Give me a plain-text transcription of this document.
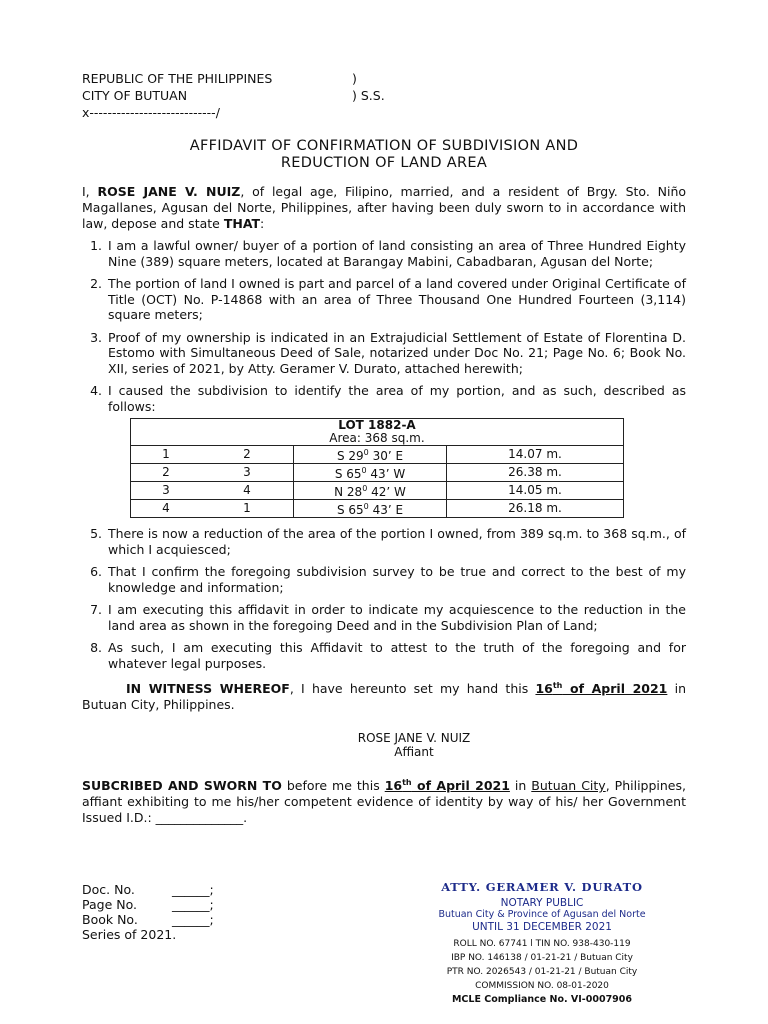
REPUBLIC OF THE PHILIPPINES	)
CITY OF BUTUAN	) S.S.
x----------------------------/
AFFIDAVIT OF CONFIRMATION OF SUBDIVISION AND
REDUCTION OF LAND AREA
I, ROSE JANE V. NUIZ, of legal age, Filipino, married, and a resident of Brgy. Sto. Niño Magallanes, Agusan del Norte, Philippines, after having been duly sworn to in accordance with law, depose and state THAT:
1. I am a lawful owner/ buyer of a portion of land consisting an area of Three Hundred Eighty Nine (389) square meters, located at Barangay Mabini, Cabadbaran, Agusan del Norte;
2. The portion of land I owned is part and parcel of a land covered under Original Certificate of Title (OCT) No. P-14868 with an area of Three Thousand One Hundred Fourteen (3,114) square meters;
3. Proof of my ownership is indicated in an Extrajudicial Settlement of Estate of Florentina D. Estomo with Simultaneous Deed of Sale, notarized under Doc No. 21; Page No. 6; Book No. XII, series of 2021, by Atty. Geramer V. Durato, attached herewith;
4. I caused the subdivision to identify the area of my portion, and as such, described as follows:
LOT 1882-A			
Area: 368 sq.m.			
1	2	S $29^0$ 30’ E	14.07 m.
2	3	S $65^0$ 43’ W	26.38 m.
3	4	N $28^0$ 42’ W	14.05 m.
4	1	S $65^0$ 43’ E	26.18 m.
5. There is now a reduction of the area of the portion I owned, from 389 sq.m. to 368 sq.m., of which I acquiesced;
6. That I confirm the foregoing subdivision survey to be true and correct to the best of my knowledge and information;
7. I am executing this affidavit in order to indicate my acquiescence to the reduction in the land area as shown in the foregoing Deed and in the Subdivision Plan of Land;
8. As such, I am executing this Affidavit to attest to the truth of the foregoing and for whatever legal purposes.
IN WITNESS WHEREOF, I have hereunto set my hand this 16th of April 2021 in Butuan City, Philippines.
ROSE JANE V. NUIZ
Affiant
SUBCRIBED AND SWORN TO before me this 16th of April 2021 in Butuan City, Philippines, affiant exhibiting to me his/her competent evidence of identity by way of his/ her Government Issued I.D.: ______________.
Doc. No.	______;
Page No.	______;
Book No.	______;
Series of 2021.
ATTY. GERAMER V. DURATO
NOTARY PUBLIC
Butuan City & Province of Agusan del Norte
UNTIL 31 DECEMBER 2021
ROLL NO. 67741 l TIN NO. 938-430-119
IBP NO. 146138 / 01-21-21 / Butuan City
PTR NO. 2026543 / 01-21-21 / Butuan City
COMMISSION NO. 08-01-2020
MCLE Compliance No. VI-0007906
